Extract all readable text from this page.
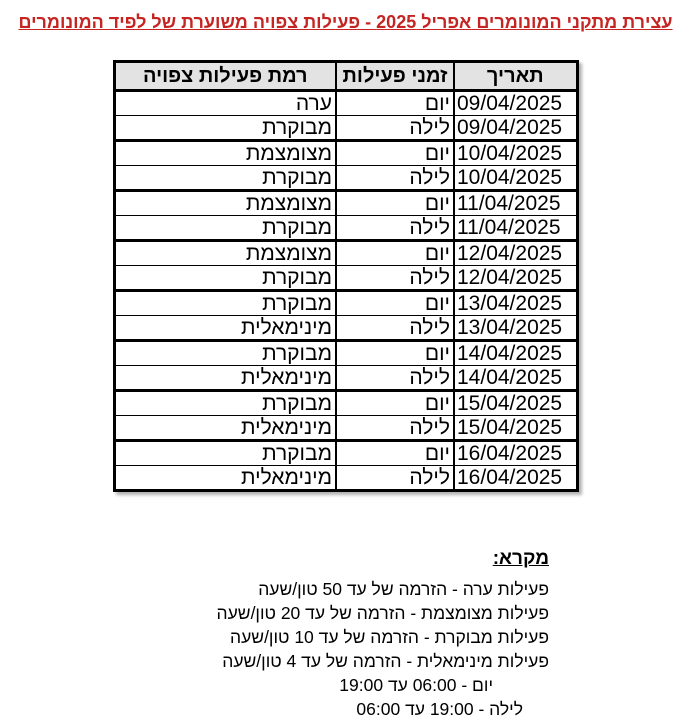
עצירת מתקני המונומרים אפריל 2025 - פעילות צפויה משוערת של לפיד המונומרים
תאריך	זמני פעילות	רמת פעילות צפויה
09/04/2025	יום	ערה
09/04/2025	לילה	מבוקרת
10/04/2025	יום	מצומצמת
10/04/2025	לילה	מבוקרת
11/04/2025	יום	מצומצמת
11/04/2025	לילה	מבוקרת
12/04/2025	יום	מצומצמת
12/04/2025	לילה	מבוקרת
13/04/2025	יום	מבוקרת
13/04/2025	לילה	מינימאלית
14/04/2025	יום	מבוקרת
14/04/2025	לילה	מינימאלית
15/04/2025	יום	מבוקרת
15/04/2025	לילה	מינימאלית
16/04/2025	יום	מבוקרת
16/04/2025	לילה	מינימאלית
מקרא:
פעילות ערה - הזרמה של עד 50 טון/שעה
פעילות מצומצמת - הזרמה של עד 20 טון/שעה
פעילות מבוקרת - הזרמה של עד 10 טון/שעה
פעילות מינימאלית - הזרמה של עד 4 טון/שעה
יום - 06:00 עד 19:00
לילה - 19:00 עד 06:00
